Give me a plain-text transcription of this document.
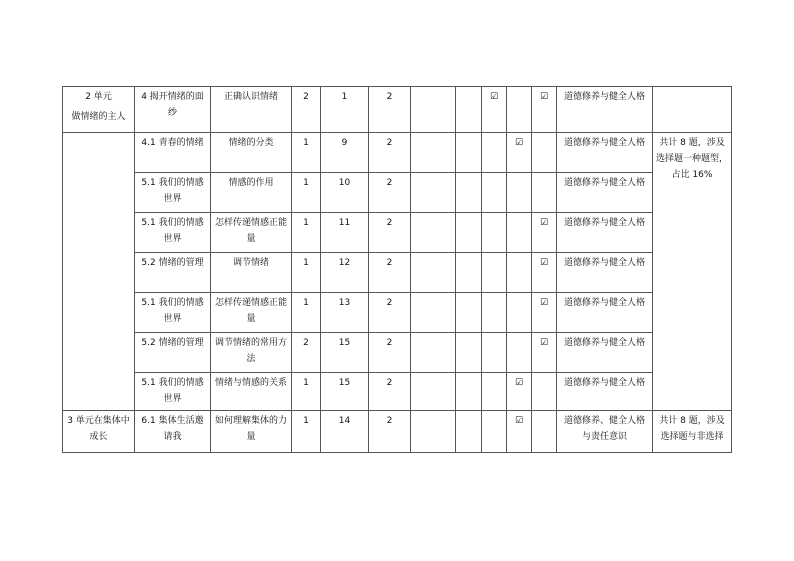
2 单元
做情绪的主人	4 揭开情绪的面纱	正确认识情绪	2	1	2			☑		☑	道德修养与健全人格	
	4.1 青春的情绪	情绪的分类	1	9	2				☑		道德修养与健全人格	共计 8 题，涉及选择题一种题型，占比 16%
	5.1 我们的情感世界	情感的作用	1	10	2						道德修养与健全人格	
	5.1 我们的情感世界	怎样传递情感正能量	1	11	2					☑	道德修养与健全人格	
	5.2 情绪的管理	调节情绪	1	12	2					☑	道德修养与健全人格	
	5.1 我们的情感世界	怎样传递情感正能量	1	13	2					☑	道德修养与健全人格	
	5.2 情绪的管理	调节情绪的常用方法	2	15	2					☑	道德修养与健全人格	
	5.1 我们的情感世界	情绪与情感的关系	1	15	2				☑		道德修养与健全人格	
3 单元在集体中成长	6.1 集体生活邀请我	如何理解集体的力量	1	14	2				☑		道德修养、健全人格与责任意识	共计 8 题，涉及选择题与非选择
